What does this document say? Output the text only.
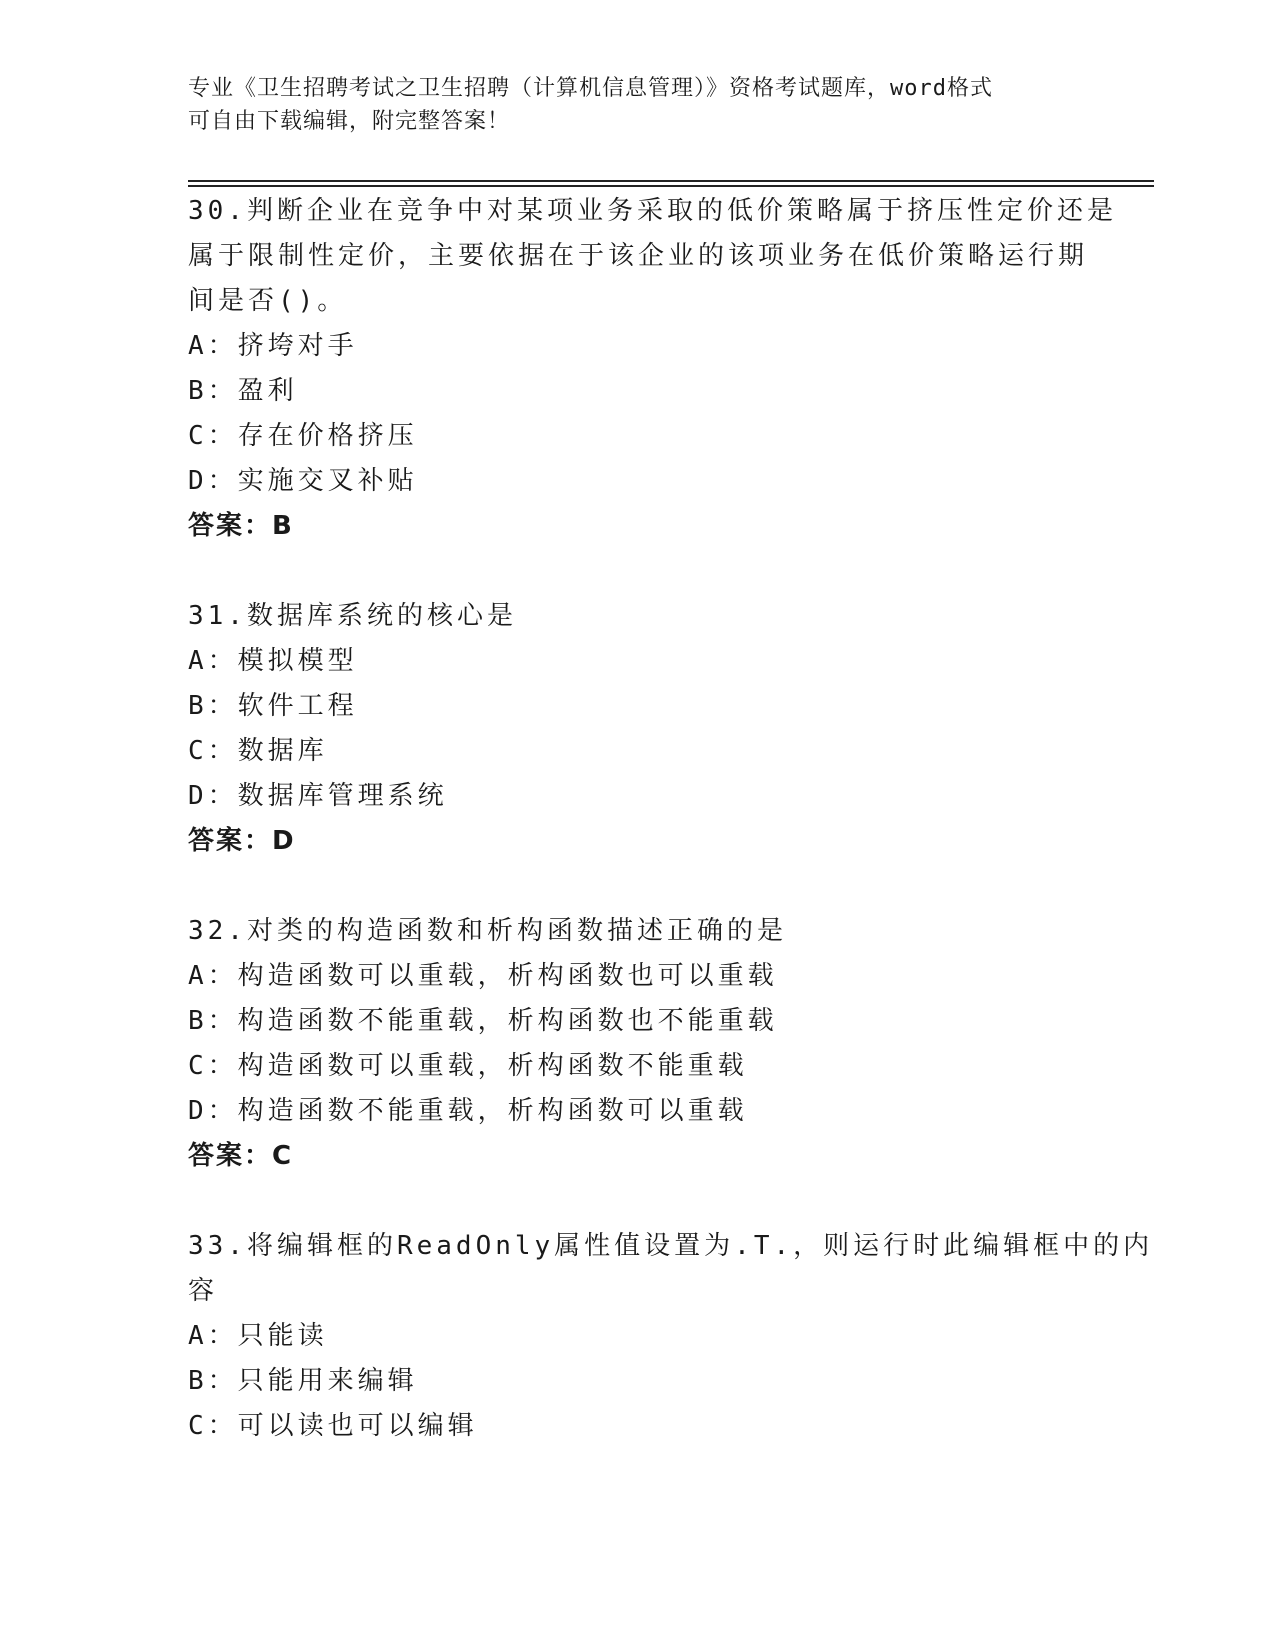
专业《卫生招聘考试之卫生招聘（计算机信息管理）》资格考试题库，word格式
可自由下载编辑，附完整答案！
30.判断企业在竞争中对某项业务采取的低价策略属于挤压性定价还是
属于限制性定价，主要依据在于该企业的该项业务在低价策略运行期
间是否()。
A：挤垮对手
B：盈利
C：存在价格挤压
D：实施交叉补贴
答案：B
31.数据库系统的核心是
A：模拟模型
B：软件工程
C：数据库
D：数据库管理系统
答案：D
32.对类的构造函数和析构函数描述正确的是
A：构造函数可以重载，析构函数也可以重载
B：构造函数不能重载，析构函数也不能重载
C：构造函数可以重载，析构函数不能重载
D：构造函数不能重载，析构函数可以重载
答案：C
33.将编辑框的ReadOnly属性值设置为.T.，则运行时此编辑框中的内
容
A：只能读
B：只能用来编辑
C：可以读也可以编辑
